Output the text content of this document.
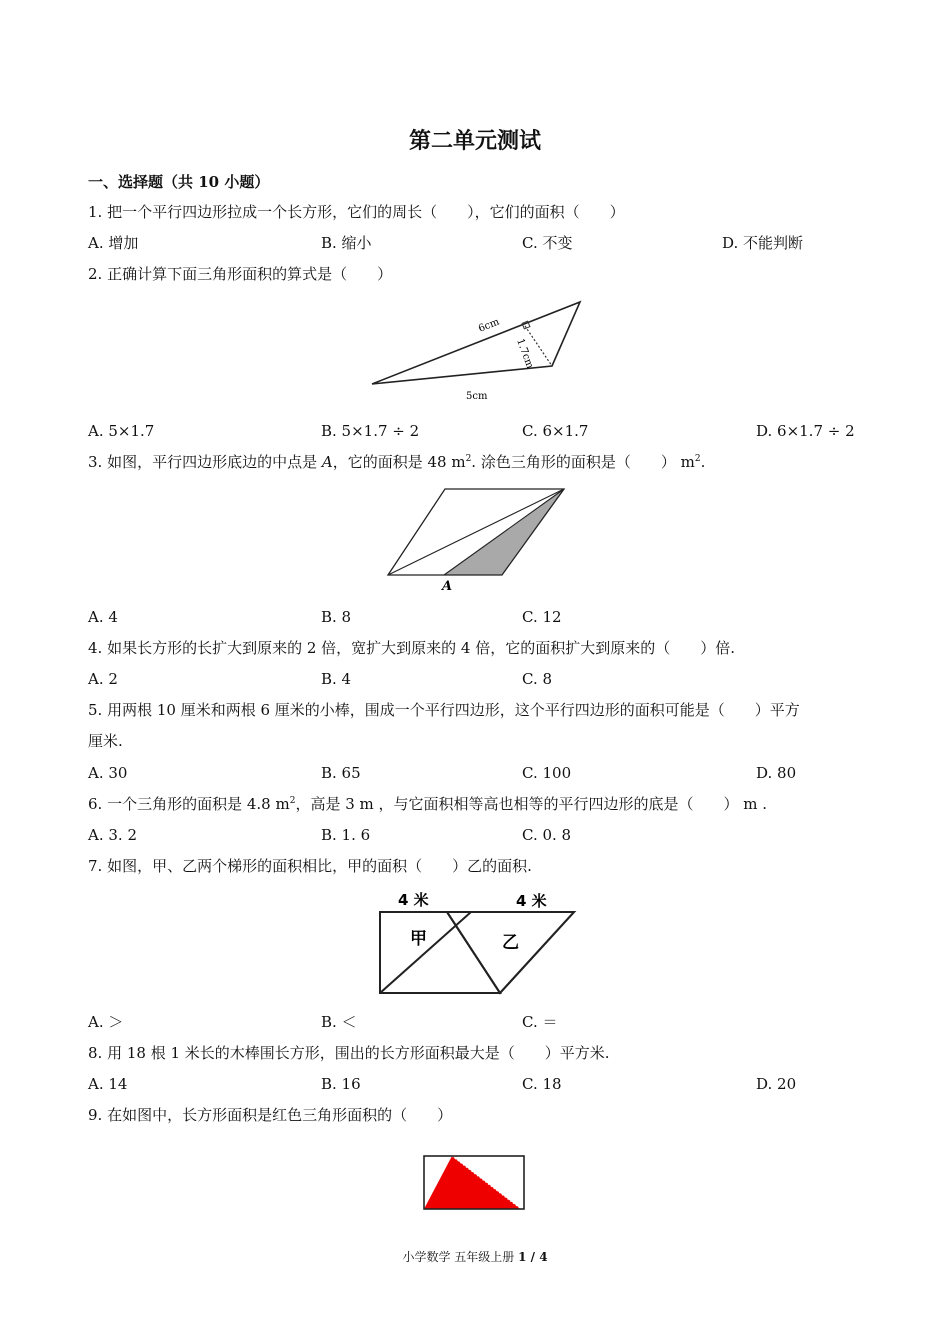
第二单元测试
一、选择题（共 10 小题）
1. 把一个平行四边形拉成一个长方形，它们的周长（　　），它们的面积（　　）
A. 增加	B. 缩小	C. 不变	D. 不能判断
2. 正确计算下面三角形面积的算式是（　　）
6cm
1.7cm
5cm
A. 5×1.7	B. 5×1.7 ÷ 2	C. 6×1.7	D. 6×1.7 ÷ 2
3. 如图，平行四边形底边的中点是 A，它的面积是 48 $m^2$. 涂色三角形的面积是（　　） $m^2$.
A
A. 4	B. 8	C. 12
4. 如果长方形的长扩大到原来的 2 倍，宽扩大到原来的 4 倍，它的面积扩大到原来的（　　）倍.
A. 2	B. 4	C. 8
5. 用两根 10 厘米和两根 6 厘米的小棒，围成一个平行四边形，这个平行四边形的面积可能是（　　）平方
厘米.
A. 30	B. 65	C. 100	D. 80
6. 一个三角形的面积是 4.8 $m^2$，高是 3 m ，与它面积相等高也相等的平行四边形的底是（　　） m .
A. 3. 2	B. 1. 6	C. 0. 8
7. 如图，甲、乙两个梯形的面积相比，甲的面积（　　）乙的面积.
4 米	4 米
甲	乙
A. ＞	B. ＜	C. ＝
8. 用 18 根 1 米长的木棒围长方形，围出的长方形面积最大是（　　）平方米.
A. 14	B. 16	C. 18	D. 20
9. 在如图中，长方形面积是红色三角形面积的（　　）
小学数学 五年级上册 1 / 4
